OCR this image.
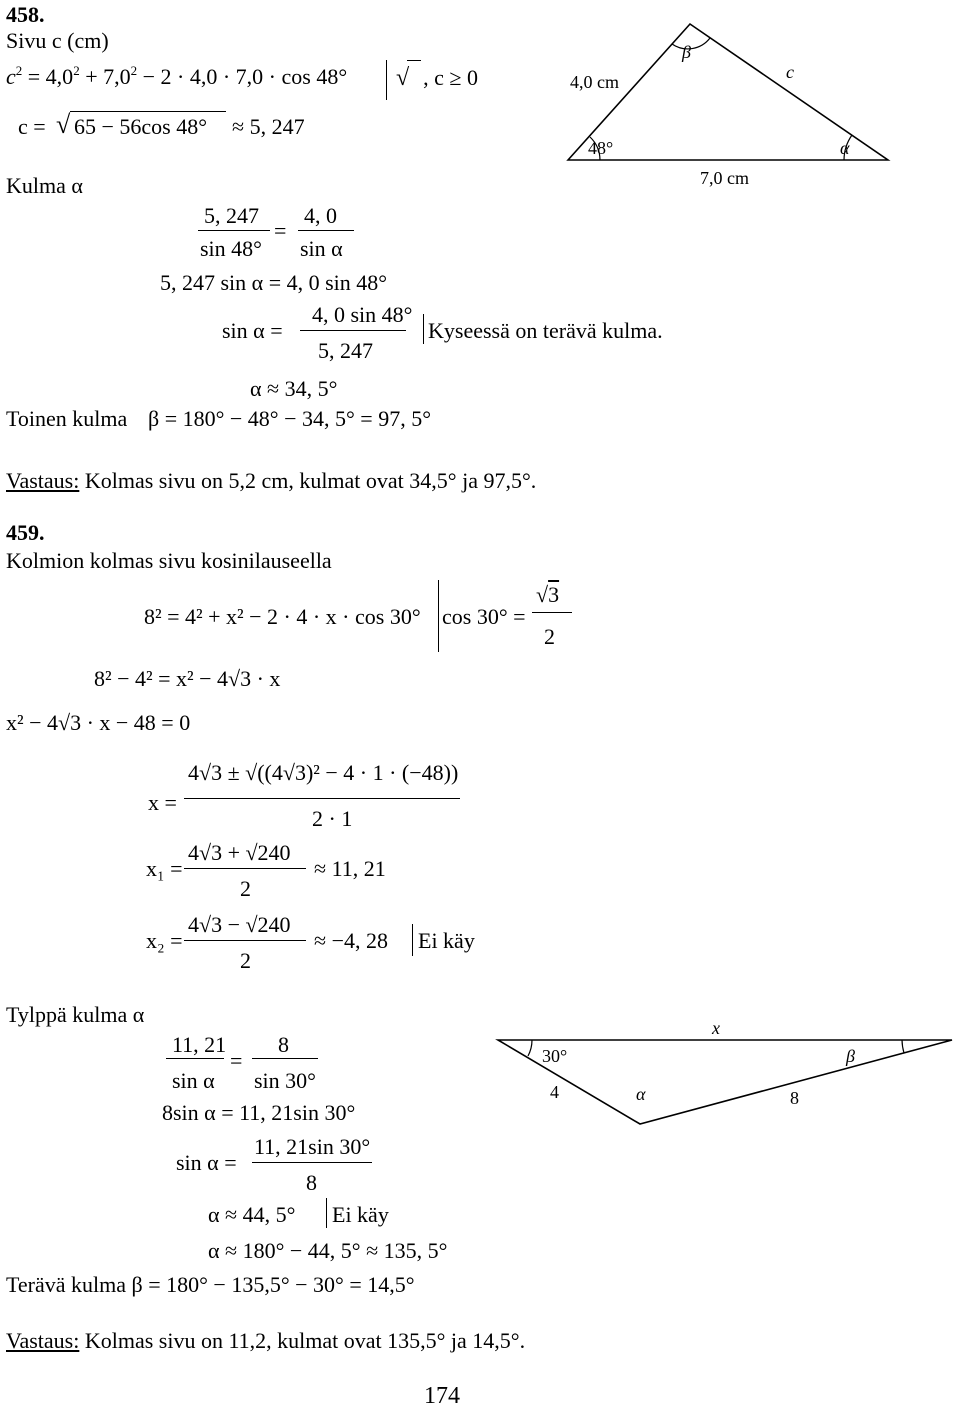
458.
Sivu c (cm)
$c^2 = 4,0^2 + 7,0^2 - 2 \cdot 4,0 \cdot 7,0 \cdot \cos 48^\circ$ √ , c ≥ 0
c = √ 65 − 56cos 48° ≈ 5, 247
Kulma α
5, 247
sin 48°
=
4, 0
sin α
5, 247 sin α = 4, 0 sin 48°
sin α =
4, 0 sin 48°
5, 247
Kyseessä on terävä kulma.
α ≈ 34, 5°
Toinen kulma β = 180° − 48° − 34, 5° = 97, 5°
Vastaus: Kolmas sivu on 5,2 cm, kulmat ovat 34,5° ja 97,5°.
4,0 cm	c
7,0 cm
48°
β
α
459.
Kolmion kolmas sivu kosinilauseella
8² = 4² + x² − 2 · 4 · x · cos 30° cos 30° =
√3
2
8² − 4² = x² − 4√3 · x
x² − 4√3 · x − 48 = 0
x =
4√3 ± √((4√3)² − 4 · 1 · (−48))
2 · 1
x₁ =
4√3 + √240
2
≈ 11, 21
x₂ =
4√3 − √240
2
≈ −4, 28 Ei käy
Tylppä kulma α
11, 21
sin α
=
8
sin 30°
8sin α = 11, 21sin 30°
sin α =
11, 21sin 30°
8
α ≈ 44, 5° Ei käy
α ≈ 180° − 44, 5° ≈ 135, 5°
Terävä kulma β = 180° − 135,5° − 30° = 14,5°
Vastaus: Kolmas sivu on 11,2, kulmat ovat 135,5° ja 14,5°.
x
4	8
30°
α
β
174
